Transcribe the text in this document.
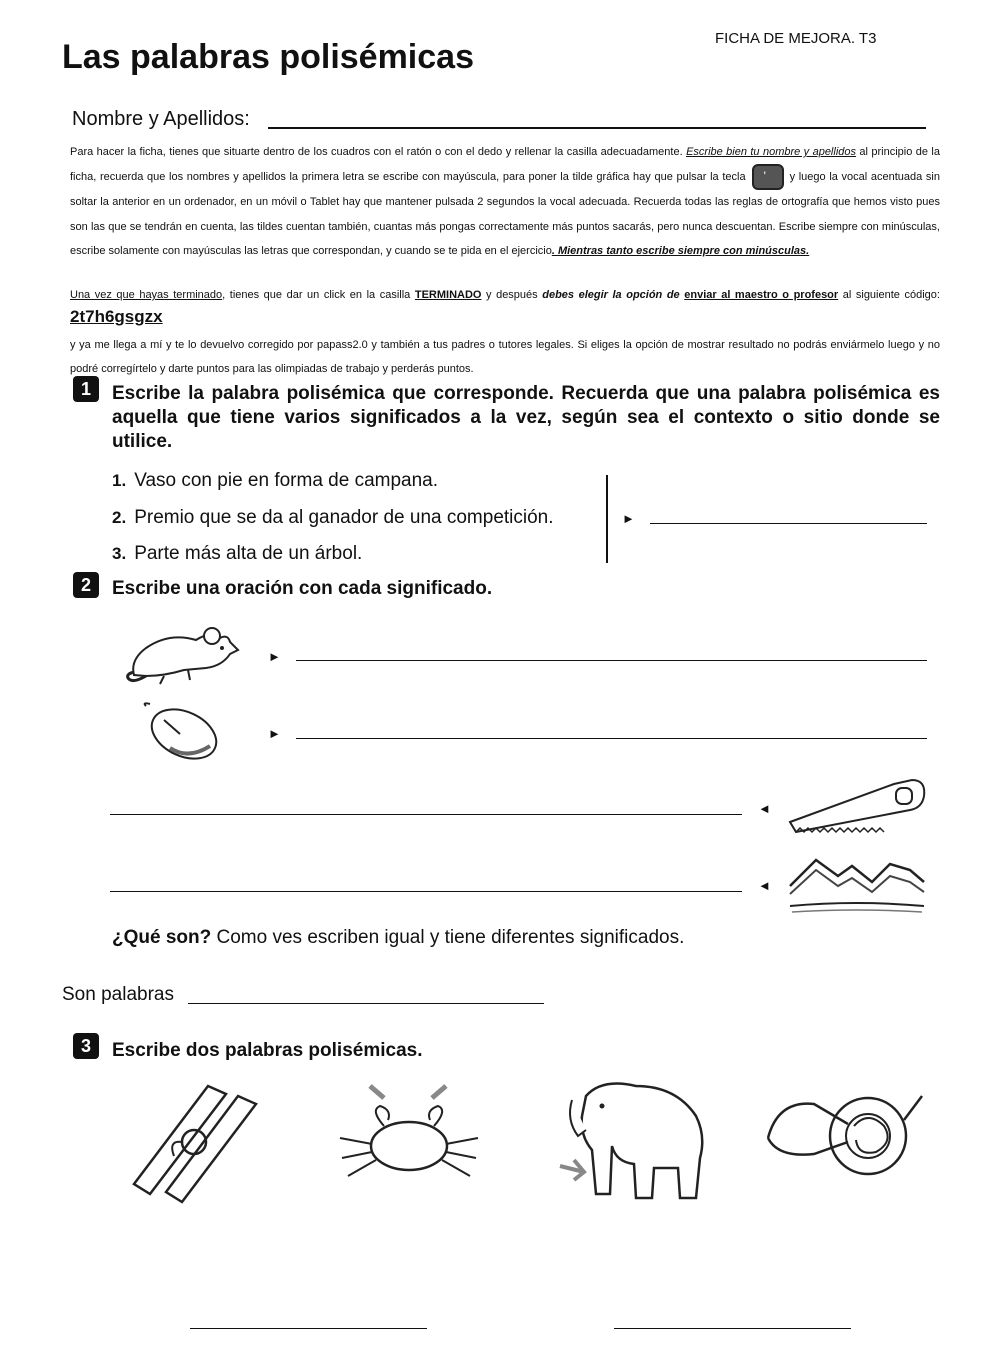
Las palabras polisémicas	FICHA DE MEJORA. T3
Nombre y Apellidos:
Para hacer la ficha, tienes que situarte dentro de los cuadros con el ratón o con el dedo y rellenar la casilla adecuadamente. Escribe bien tu nombre y apellidos al principio de la ficha, recuerda que los nombres y apellidos la primera letra se escribe con mayúscula, para poner la tilde gráfica hay que pulsar la tecla'	y luego la vocal acentuada sin soltar la anterior en un ordenador, en un móvil o Tablet hay que mantener pulsada 2 segundos la vocal adecuada. Recuerda todas las reglas de ortografía que hemos visto pues son las que se tendrán en cuenta, las tildes cuentan también, cuantas más pongas correctamente más puntos sacarás, pero nunca descuentan. Escribe siempre con minúsculas, escribe solamente con mayúsculas las letras que correspondan, y cuando se te pida en el ejercicio. Mientras tanto escribe siempre con minúsculas.
Una vez que hayas terminado, tienes que dar un click en la casilla TERMINADO y después debes elegir la opción de enviar al maestro o profesor al siguiente código: 2t7h6gsgzx
y ya me llega a mí y te lo devuelvo corregido por papass2.0 y también a tus padres o tutores legales. Si eliges la opción de mostrar resultado no podrás enviármelo luego y no podré corregírtelo y darte puntos para las olimpiadas de trabajo y perderás puntos.
1	Escribe la palabra polisémica que corresponde. Recuerda que una palabra polisémica es aquella que tiene varios significados a la vez, según sea el contexto o sitio donde se utilice.
1. Vaso con pie en forma de campana.
2. Premio que se da al ganador de una competición.
3. Parte más alta de un árbol.
►
2	Escribe una oración con cada significado.
►
►
◄
◄
¿Qué son? Como ves escriben igual y tiene diferentes significados.
Son palabras
3	Escribe dos palabras polisémicas.
